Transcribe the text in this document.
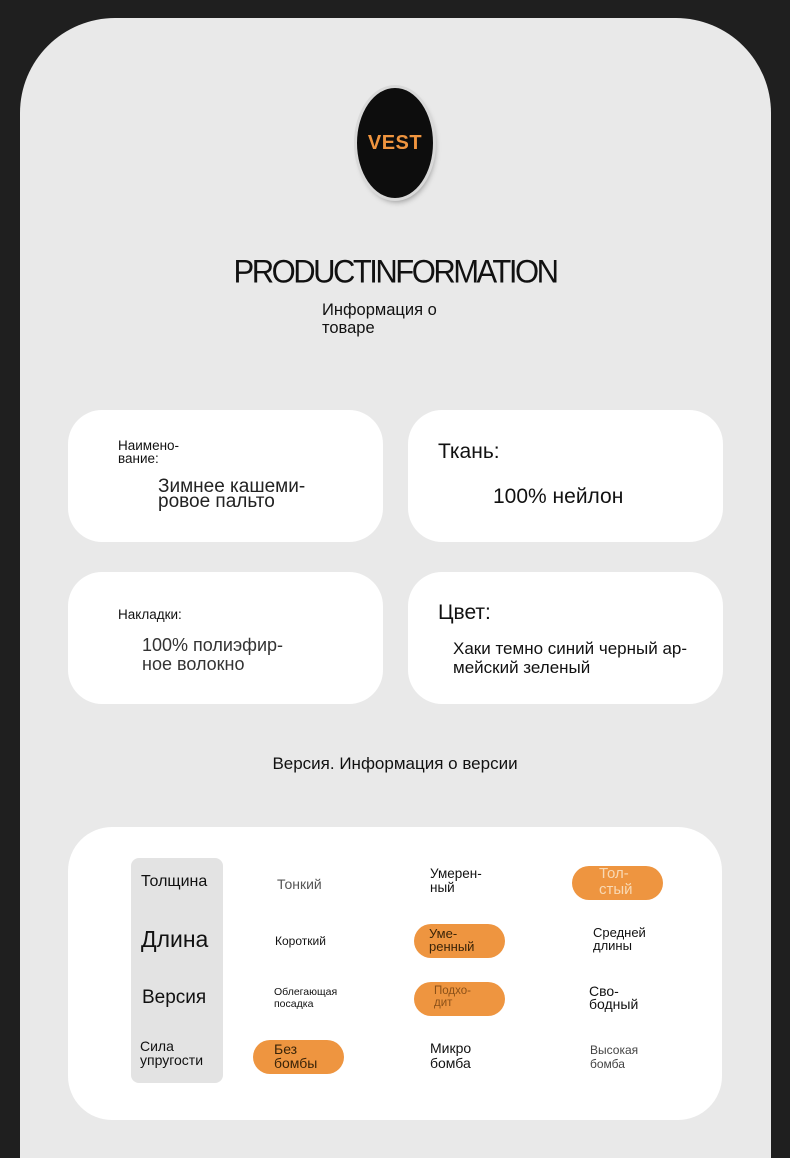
VEST
PRODUCTINFORMATION
Информация о
товаре
Наимено-
вание:
Зимнее кашеми-
ровое пальто
Ткань:
100% нейлон
Накладки:
100% полиэфир-
ное волокно
Цвет:
Хаки темно синий черный ар-
мейский зеленый
Версия. Информация о версии
Толщина
Длина
Версия
Сила
упругости
Тонкий
Умерен-
ный
Тол-
стый
Короткий	Уме-
ренный
Средней
длины
Облегающая
посадка
Подхо-
дит
Сво-
бодный
Без
бомбы
Микро
бомба
Высокая
бомба
